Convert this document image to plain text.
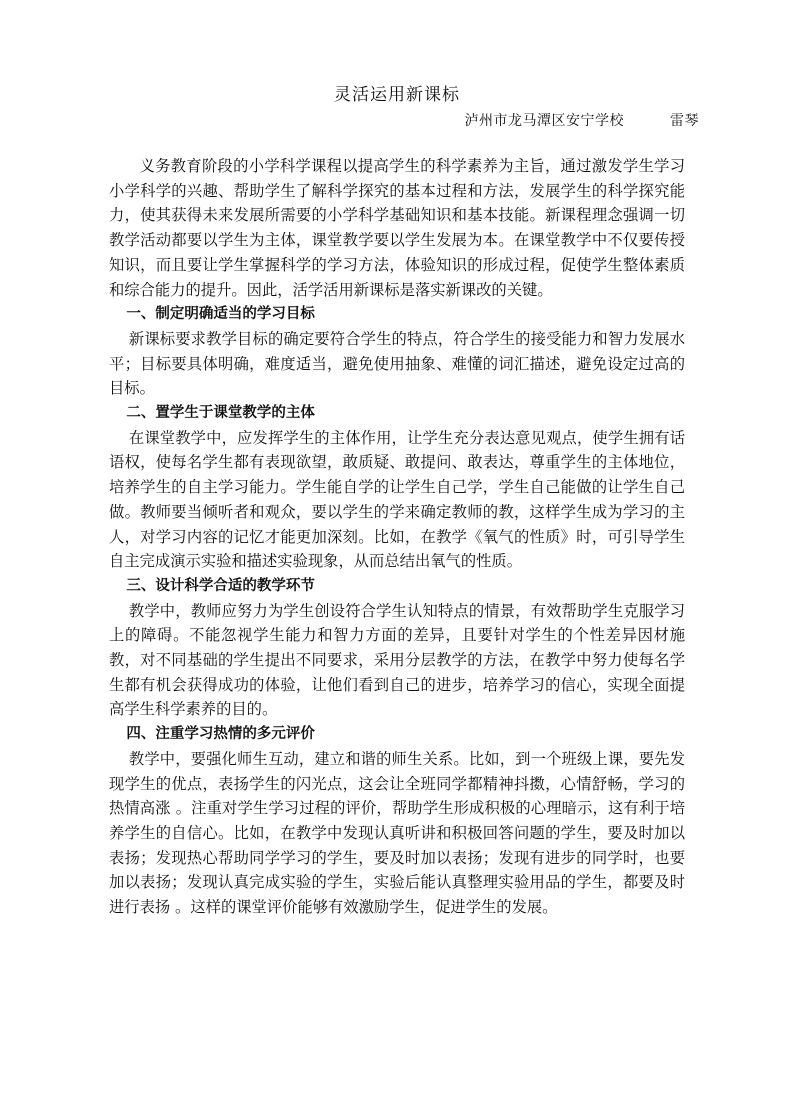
灵活运用新课标
泸州市龙马潭区安宁学校	雷琴

义务教育阶段的小学科学课程以提高学生的科学素养为主旨，通过激发学生学习小学科学的兴趣、帮助学生了解科学探究的基本过程和方法，发展学生的科学探究能力，使其获得未来发展所需要的小学科学基础知识和基本技能。新课程理念强调一切教学活动都要以学生为主体，课堂教学要以学生发展为本。在课堂教学中不仅要传授知识，而且要让学生掌握科学的学习方法，体验知识的形成过程，促使学生整体素质和综合能力的提升。因此，活学活用新课标是落实新课改的关键。

一、制定明确适当的学习目标

新课标要求教学目标的确定要符合学生的特点，符合学生的接受能力和智力发展水平；目标要具体明确，难度适当，避免使用抽象、难懂的词汇描述，避免设定过高的目标。

二、置学生于课堂教学的主体

在课堂教学中，应发挥学生的主体作用，让学生充分表达意见观点，使学生拥有话语权，使每名学生都有表现欲望，敢质疑、敢提问、敢表达，尊重学生的主体地位，培养学生的自主学习能力。学生能自学的让学生自己学，学生自己能做的让学生自己做。教师要当倾听者和观众，要以学生的学来确定教师的教，这样学生成为学习的主人，对学习内容的记忆才能更加深刻。比如，在教学《氧气的性质》时，可引导学生自主完成演示实验和描述实验现象，从而总结出氧气的性质。

三、设计科学合适的教学环节

教学中，教师应努力为学生创设符合学生认知特点的情景，有效帮助学生克服学习上的障碍。不能忽视学生能力和智力方面的差异，且要针对学生的个性差异因材施教，对不同基础的学生提出不同要求，采用分层教学的方法，在教学中努力使每名学生都有机会获得成功的体验，让他们看到自己的进步，培养学习的信心，实现全面提高学生科学素养的目的。

四、注重学习热情的多元评价

教学中，要强化师生互动，建立和谐的师生关系。比如，到一个班级上课，要先发现学生的优点，表扬学生的闪光点，这会让全班同学都精神抖擞，心情舒畅，学习的热情高涨 。注重对学生学习过程的评价，帮助学生形成积极的心理暗示，这有利于培养学生的自信心。比如，在教学中发现认真听讲和积极回答问题的学生，要及时加以表扬；发现热心帮助同学学习的学生，要及时加以表扬；发现有进步的同学时，也要加以表扬；发现认真完成实验的学生，实验后能认真整理实验用品的学生，都要及时进行表扬 。这样的课堂评价能够有效激励学生，促进学生的发展。
